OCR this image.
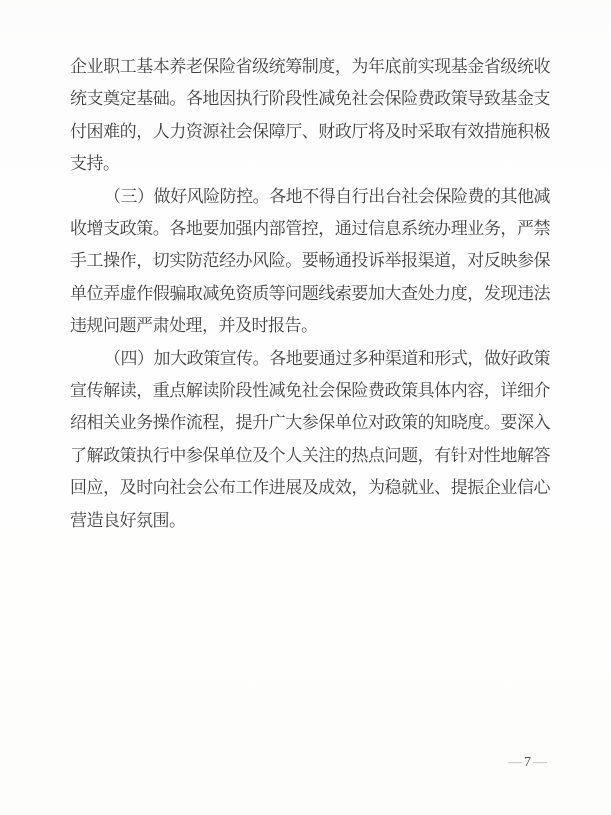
企业职工基本养老保险省级统筹制度，为年底前实现基金省级统收统支奠定基础。各地因执行阶段性减免社会保险费政策导致基金支付困难的，人力资源社会保障厅、财政厅将及时采取有效措施积极支持。

（三）做好风险防控。各地不得自行出台社会保险费的其他减收增支政策。各地要加强内部管控，通过信息系统办理业务，严禁手工操作，切实防范经办风险。要畅通投诉举报渠道，对反映参保单位弄虚作假骗取减免资质等问题线索要加大查处力度，发现违法违规问题严肃处理，并及时报告。

（四）加大政策宣传。各地要通过多种渠道和形式，做好政策宣传解读，重点解读阶段性减免社会保险费政策具体内容，详细介绍相关业务操作流程，提升广大参保单位对政策的知晓度。要深入了解政策执行中参保单位及个人关注的热点问题，有针对性地解答回应，及时向社会公布工作进展及成效，为稳就业、提振企业信心营造良好氛围。

—7—
